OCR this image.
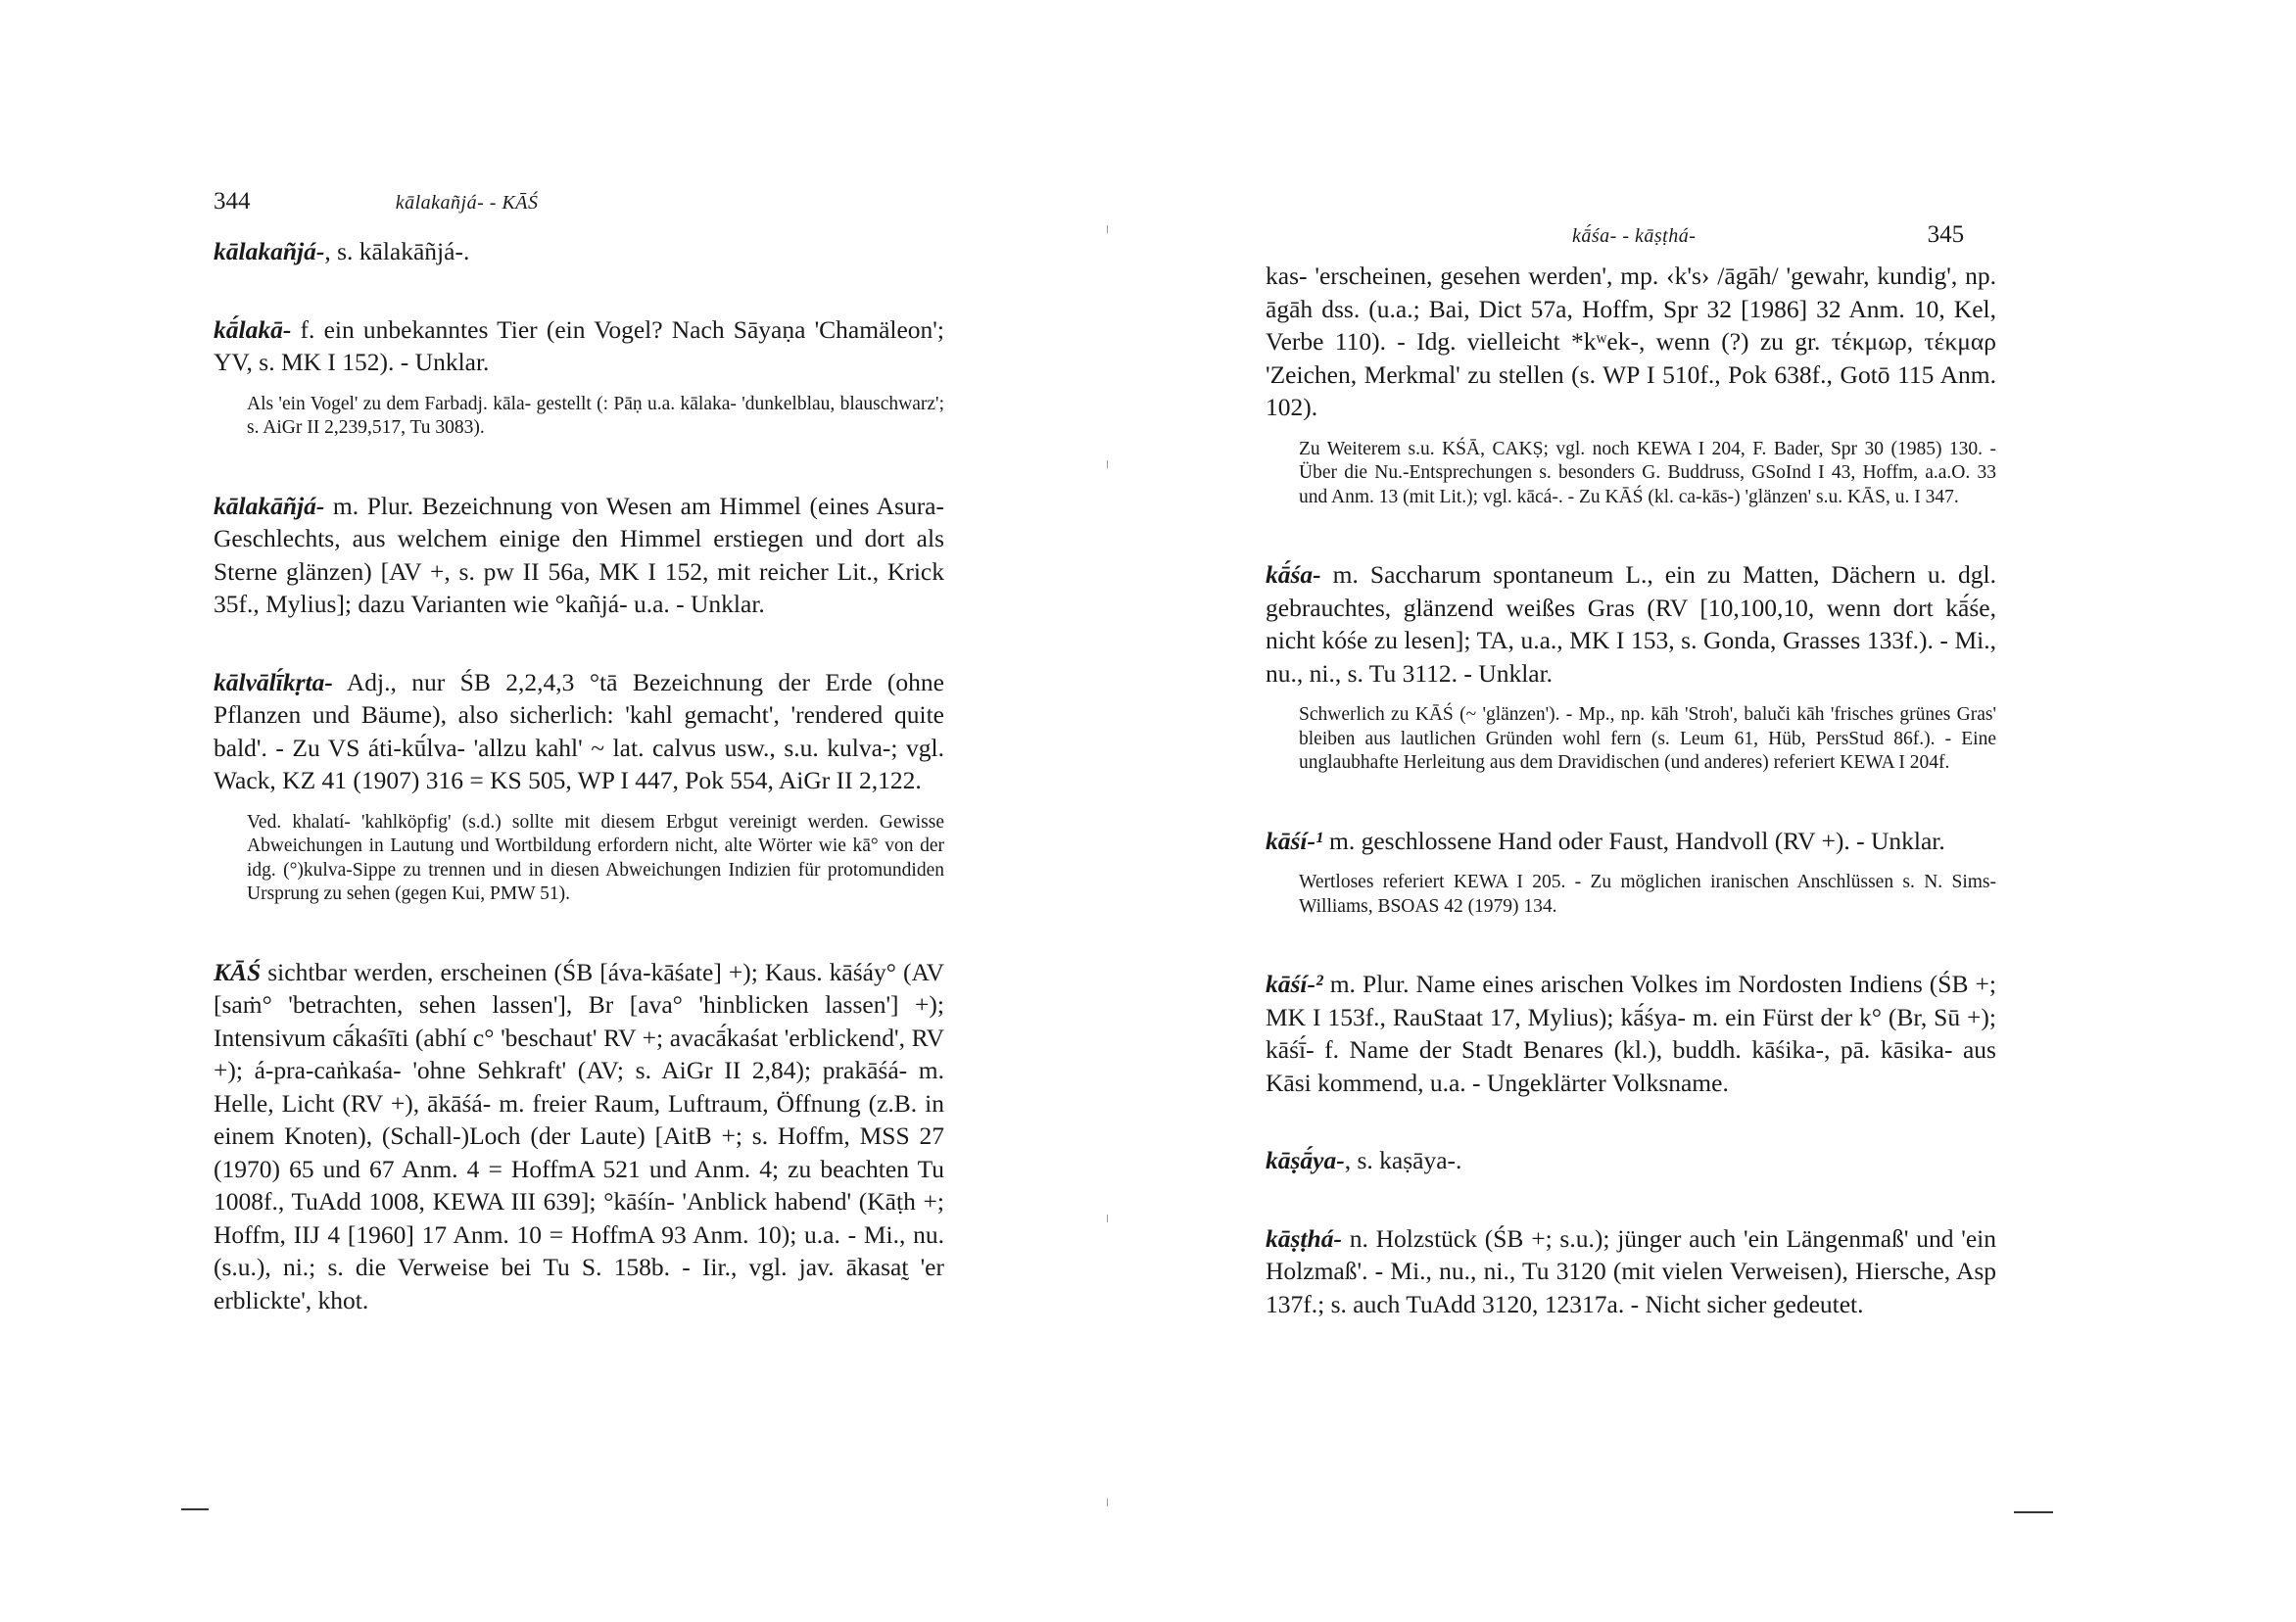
344	kālakañjá- - KĀŚ

kālakañjá-, s. kālakāñjá-.

kā́lakā- f. ein unbekanntes Tier (ein Vogel? Nach Sāyaṇa 'Chamäleon'; YV, s. MK I 152). - Unklar.

Als 'ein Vogel' zu dem Farbadj. kāla- gestellt (: Pāṇ u.a. kālaka- 'dunkelblau, blauschwarz'; s. AiGr II 2,239,517, Tu 3083).

kālakāñjá- m. Plur. Bezeichnung von Wesen am Himmel (eines Asura-Geschlechts, aus welchem einige den Himmel erstiegen und dort als Sterne glänzen) [AV +, s. pw II 56a, MK I 152, mit reicher Lit., Krick 35f., Mylius]; dazu Varianten wie °kañjá- u.a. - Unklar.

kālvālī́kṛta- Adj., nur ŚB 2,2,4,3 °tā Bezeichnung der Erde (ohne Pflanzen und Bäume), also sicherlich: 'kahl gemacht', 'rendered quite bald'. - Zu VS áti-kū́lva- 'allzu kahl' ~ lat. calvus usw., s.u. kulva-; vgl. Wack, KZ 41 (1907) 316 = KS 505, WP I 447, Pok 554, AiGr II 2,122.

Ved. khalatí- 'kahlköpfig' (s.d.) sollte mit diesem Erbgut vereinigt werden. Gewisse Abweichungen in Lautung und Wortbildung erfordern nicht, alte Wörter wie kā° von der idg. (°)kulva-Sippe zu trennen und in diesen Abweichungen Indizien für protomundiden Ursprung zu sehen (gegen Kui, PMW 51).

KĀŚ sichtbar werden, erscheinen (ŚB [áva-kāśate] +); Kaus. kāśáy° (AV [saṁ° 'betrachten, sehen lassen'], Br [ava° 'hinblicken lassen'] +); Intensivum cā́kaśīti (abhí c° 'beschaut' RV +; avacā́kaśat 'erblickend', RV +); á-pra-caṅkaśa- 'ohne Sehkraft' (AV; s. AiGr II 2,84); prakāśá- m. Helle, Licht (RV +), ākāśá- m. freier Raum, Luftraum, Öffnung (z.B. in einem Knoten), (Schall-)Loch (der Laute) [AitB +; s. Hoffm, MSS 27 (1970) 65 und 67 Anm. 4 = HoffmA 521 und Anm. 4; zu beachten Tu 1008f., TuAdd 1008, KEWA III 639]; °kāśín- 'Anblick habend' (Kāṭh +; Hoffm, IIJ 4 [1960] 17 Anm. 10 = HoffmA 93 Anm. 10); u.a. - Mi., nu. (s.u.), ni.; s. die Verweise bei Tu S. 158b. - Iir., vgl. jav. ākasat̰ 'er erblickte', khot.

kā́śa- - kāṣṭhá-	345

kas- 'erscheinen, gesehen werden', mp. ‹k's› /āgāh/ 'gewahr, kundig', np. āgāh dss. (u.a.; Bai, Dict 57a, Hoffm, Spr 32 [1986] 32 Anm. 10, Kel, Verbe 110). - Idg. vielleicht *kʷek-, wenn (?) zu gr. τέκμωρ, τέκμαρ 'Zeichen, Merkmal' zu stellen (s. WP I 510f., Pok 638f., Gotō 115 Anm. 102).

Zu Weiterem s.u. KŚĀ, CAKṢ; vgl. noch KEWA I 204, F. Bader, Spr 30 (1985) 130. - Über die Nu.-Entsprechungen s. besonders G. Buddruss, GSoInd I 43, Hoffm, a.a.O. 33 und Anm. 13 (mit Lit.); vgl. kācá-. - Zu KĀŚ (kl. ca-kās-) 'glänzen' s.u. KĀS, u. I 347.

kā́śa- m. Saccharum spontaneum L., ein zu Matten, Dächern u. dgl. gebrauchtes, glänzend weißes Gras (RV [10,100,10, wenn dort kā́śe, nicht kóśe zu lesen]; TA, u.a., MK I 153, s. Gonda, Grasses 133f.). - Mi., nu., ni., s. Tu 3112. - Unklar.

Schwerlich zu KĀŚ (~ 'glänzen'). - Mp., np. kāh 'Stroh', baluči kāh 'frisches grünes Gras' bleiben aus lautlichen Gründen wohl fern (s. Leum 61, Hüb, PersStud 86f.). - Eine unglaubhafte Herleitung aus dem Dravidischen (und anderes) referiert KEWA I 204f.

kāśí-¹ m. geschlossene Hand oder Faust, Handvoll (RV +). - Unklar.

Wertloses referiert KEWA I 205. - Zu möglichen iranischen Anschlüssen s. N. Sims-Williams, BSOAS 42 (1979) 134.

kāśí-² m. Plur. Name eines arischen Volkes im Nordosten Indiens (ŚB +; MK I 153f., RauStaat 17, Mylius); kā́śya- m. ein Fürst der k° (Br, Sū +); kāśī́- f. Name der Stadt Benares (kl.), buddh. kāśika-, pā. kāsika- aus Kāsi kommend, u.a. - Ungeklärter Volksname.

kāṣā́ya-, s. kaṣāya-.

kāṣṭhá- n. Holzstück (ŚB +; s.u.); jünger auch 'ein Längenmaß' und 'ein Holzmaß'. - Mi., nu., ni., Tu 3120 (mit vielen Verweisen), Hiersche, Asp 137f.; s. auch TuAdd 3120, 12317a. - Nicht sicher gedeutet.
